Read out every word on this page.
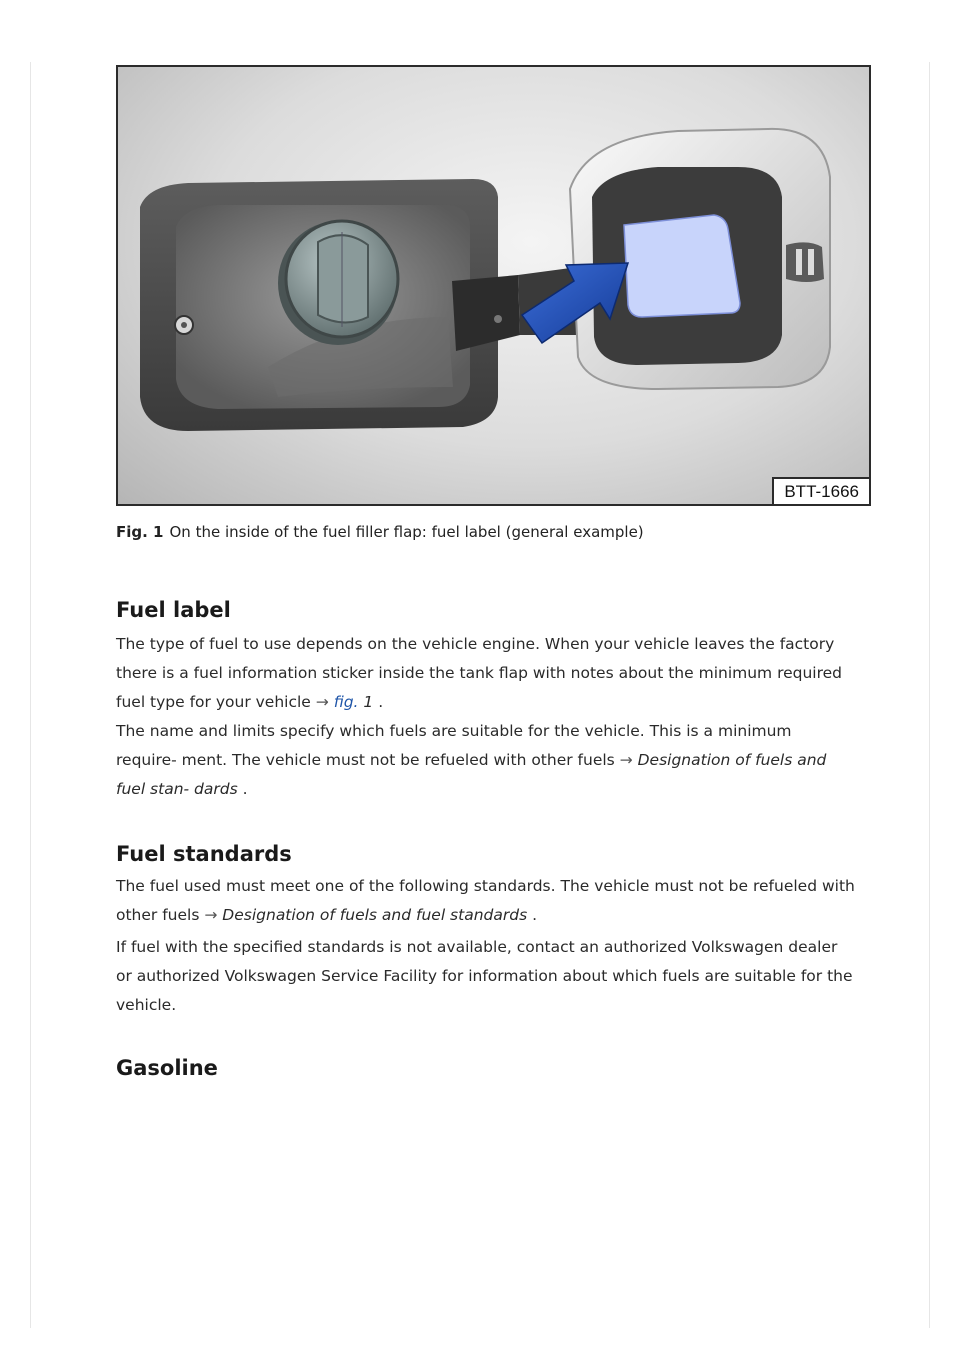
BTT-1666
Fig. 1 On the inside of the fuel filler flap: fuel label (general example)
Fuel label

The type of fuel to use depends on the vehicle engine. When your vehicle leaves the factory there is a fuel information sticker inside the tank flap with notes about the minimum required fuel type for your vehicle → fig. 1 .

The name and limits specify which fuels are suitable for the vehicle. This is a minimum require- ment. The vehicle must not be refueled with other fuels → Designation of fuels and fuel stan- dards .

Fuel standards

The fuel used must meet one of the following standards. The vehicle must not be refueled with other fuels → Designation of fuels and fuel standards .

If fuel with the specified standards is not available, contact an authorized Volkswagen dealer or authorized Volkswagen Service Facility for information about which fuels are suitable for the vehicle.

Gasoline
